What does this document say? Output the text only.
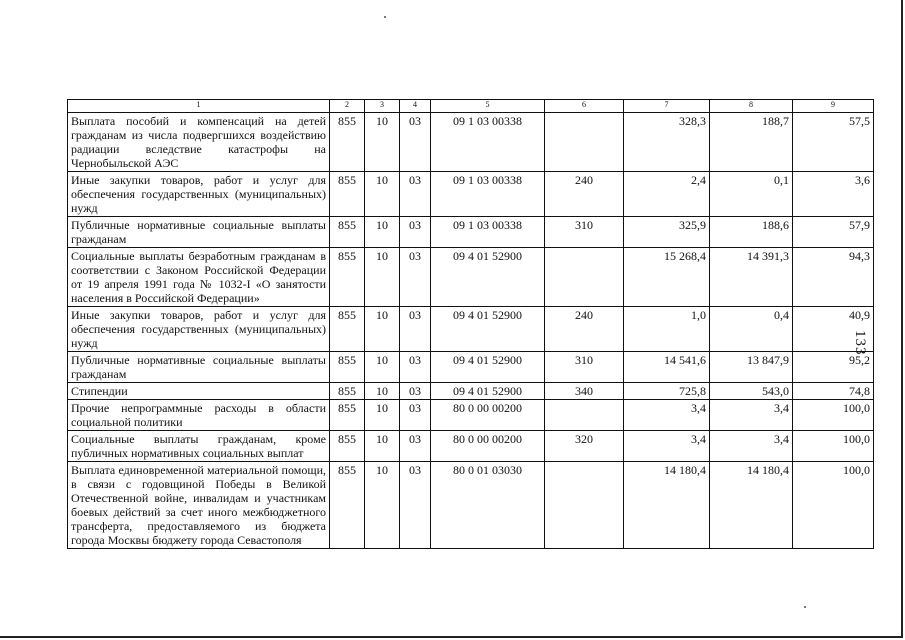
133
1	2	3	4	5	6	7	8	9
Выплата пособий и компенсаций на детей гражданам из числа подвергшихся воздействию радиации вследствие катастрофы на Чернобыльской АЭС	855	10	03	09 1 03 00338		328,3	188,7	57,5
Иные закупки товаров, работ и услуг для обеспечения государственных (муниципальных) нужд	855	10	03	09 1 03 00338	240	2,4	0,1	3,6
Публичные нормативные социальные выплаты гражданам	855	10	03	09 1 03 00338	310	325,9	188,6	57,9
Социальные выплаты безработным гражданам в соответствии с Законом Российской Федерации от 19 апреля 1991 года № 1032-I «О занятости населения в Российской Федерации»	855	10	03	09 4 01 52900		15 268,4	14 391,3	94,3
Иные закупки товаров, работ и услуг для обеспечения государственных (муниципальных) нужд	855	10	03	09 4 01 52900	240	1,0	0,4	40,9
Публичные нормативные социальные выплаты гражданам	855	10	03	09 4 01 52900	310	14 541,6	13 847,9	95,2
Стипендии	855	10	03	09 4 01 52900	340	725,8	543,0	74,8
Прочие непрограммные расходы в области социальной политики	855	10	03	80 0 00 00200		3,4	3,4	100,0
Социальные выплаты гражданам, кроме публичных нормативных социальных выплат	855	10	03	80 0 00 00200	320	3,4	3,4	100,0
Выплата единовременной материальной помощи, в связи с годовщиной Победы в Великой Отечественной войне, инвалидам и участникам боевых действий за счет иного межбюджетного трансферта, предоставляемого из бюджета города Москвы бюджету города Севастополя	855	10	03	80 0 01 03030		14 180,4	14 180,4	100,0
